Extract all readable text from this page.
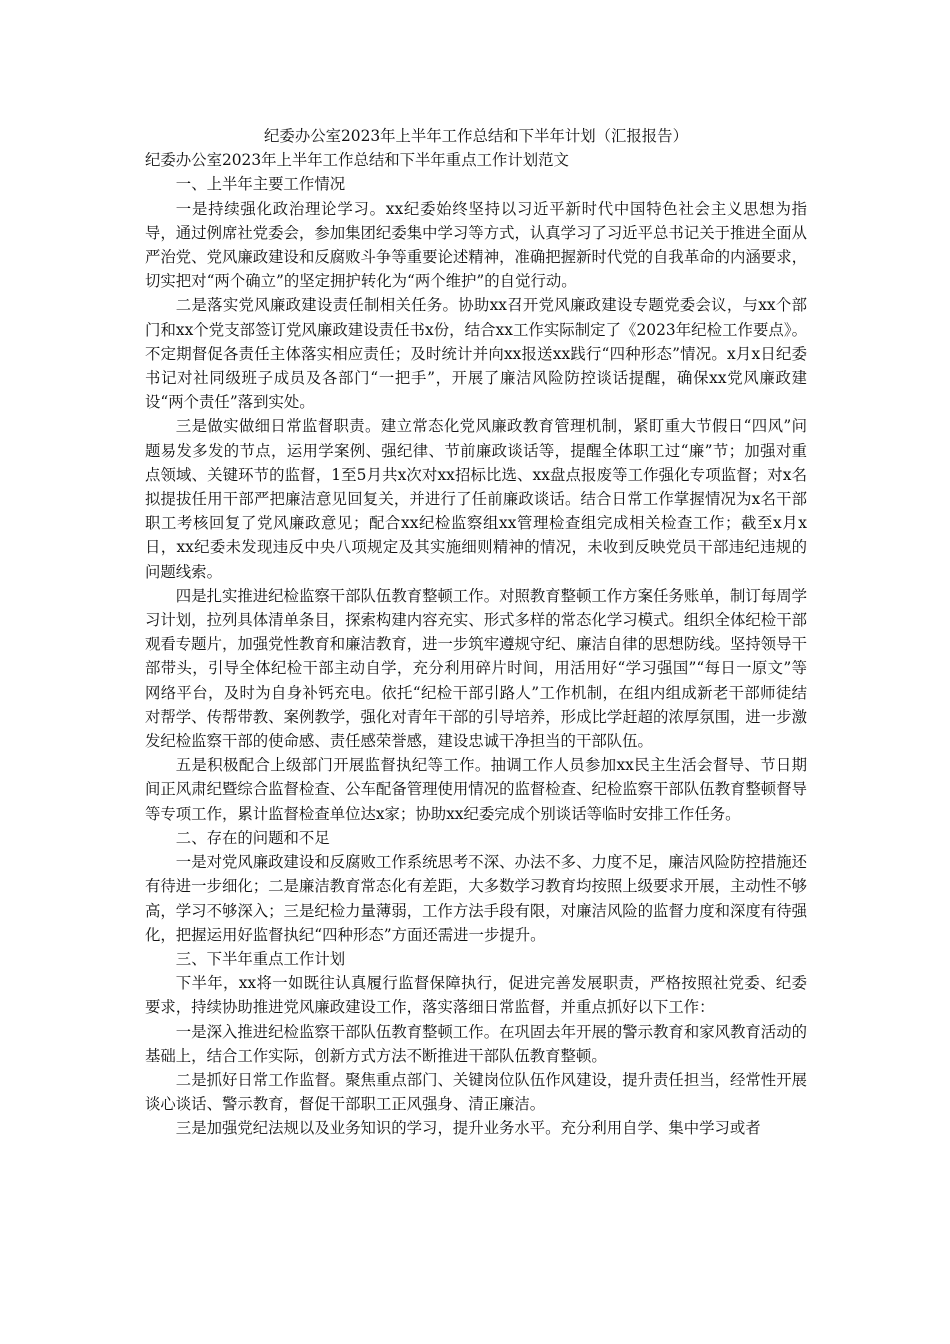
纪委办公室2023年上半年工作总结和下半年计划（汇报报告）

纪委办公室2023年上半年工作总结和下半年重点工作计划范文

一、上半年主要工作情况

一是持续强化政治理论学习。xx纪委始终坚持以习近平新时代中国特色社会主义思想为指导，通过例席社党委会，参加集团纪委集中学习等方式，认真学习了习近平总书记关于推进全面从严治党、党风廉政建设和反腐败斗争等重要论述精神，准确把握新时代党的自我革命的内涵要求，切实把对“两个确立”的坚定拥护转化为“两个维护”的自觉行动。

二是落实党风廉政建设责任制相关任务。协助xx召开党风廉政建设专题党委会议，与xx个部门和xx个党支部签订党风廉政建设责任书x份，结合xx工作实际制定了《2023年纪检工作要点》。不定期督促各责任主体落实相应责任；及时统计并向xx报送xx践行“四种形态”情况。x月x日纪委书记对社同级班子成员及各部门“一把手”，开展了廉洁风险防控谈话提醒，确保xx党风廉政建设“两个责任”落到实处。

三是做实做细日常监督职责。建立常态化党风廉政教育管理机制，紧盯重大节假日“四风”问题易发多发的节点，运用学案例、强纪律、节前廉政谈话等，提醒全体职工过“廉”节；加强对重点领域、关键环节的监督，1至5月共x次对xx招标比选、xx盘点报废等工作强化专项监督；对x名拟提拔任用干部严把廉洁意见回复关，并进行了任前廉政谈话。结合日常工作掌握情况为x名干部职工考核回复了党风廉政意见；配合xx纪检监察组xx管理检查组完成相关检查工作；截至x月x日，xx纪委未发现违反中央八项规定及其实施细则精神的情况，未收到反映党员干部违纪违规的问题线索。

四是扎实推进纪检监察干部队伍教育整顿工作。对照教育整顿工作方案任务账单，制订每周学习计划，拉列具体清单条目，探索构建内容充实、形式多样的常态化学习模式。组织全体纪检干部观看专题片，加强党性教育和廉洁教育，进一步筑牢遵规守纪、廉洁自律的思想防线。坚持领导干部带头，引导全体纪检干部主动自学，充分利用碎片时间，用活用好“学习强国”“每日一原文”等网络平台，及时为自身补钙充电。依托“纪检干部引路人”工作机制，在组内组成新老干部师徒结对帮学、传帮带教、案例教学，强化对青年干部的引导培养，形成比学赶超的浓厚氛围，进一步激发纪检监察干部的使命感、责任感荣誉感，建设忠诚干净担当的干部队伍。

五是积极配合上级部门开展监督执纪等工作。抽调工作人员参加xx民主生活会督导、节日期间正风肃纪暨综合监督检查、公车配备管理使用情况的监督检查、纪检监察干部队伍教育整顿督导等专项工作，累计监督检查单位达x家；协助xx纪委完成个别谈话等临时安排工作任务。

二、存在的问题和不足

一是对党风廉政建设和反腐败工作系统思考不深、办法不多、力度不足，廉洁风险防控措施还有待进一步细化；二是廉洁教育常态化有差距，大多数学习教育均按照上级要求开展，主动性不够高，学习不够深入；三是纪检力量薄弱，工作方法手段有限，对廉洁风险的监督力度和深度有待强化，把握运用好监督执纪“四种形态”方面还需进一步提升。

三、下半年重点工作计划

下半年，xx将一如既往认真履行监督保障执行，促进完善发展职责，严格按照社党委、纪委要求，持续协助推进党风廉政建设工作，落实落细日常监督，并重点抓好以下工作：

一是深入推进纪检监察干部队伍教育整顿工作。在巩固去年开展的警示教育和家风教育活动的基础上，结合工作实际，创新方式方法不断推进干部队伍教育整顿。

二是抓好日常工作监督。聚焦重点部门、关键岗位队伍作风建设，提升责任担当，经常性开展谈心谈话、警示教育，督促干部职工正风强身、清正廉洁。

三是加强党纪法规以及业务知识的学习，提升业务水平。充分利用自学、集中学习或者
